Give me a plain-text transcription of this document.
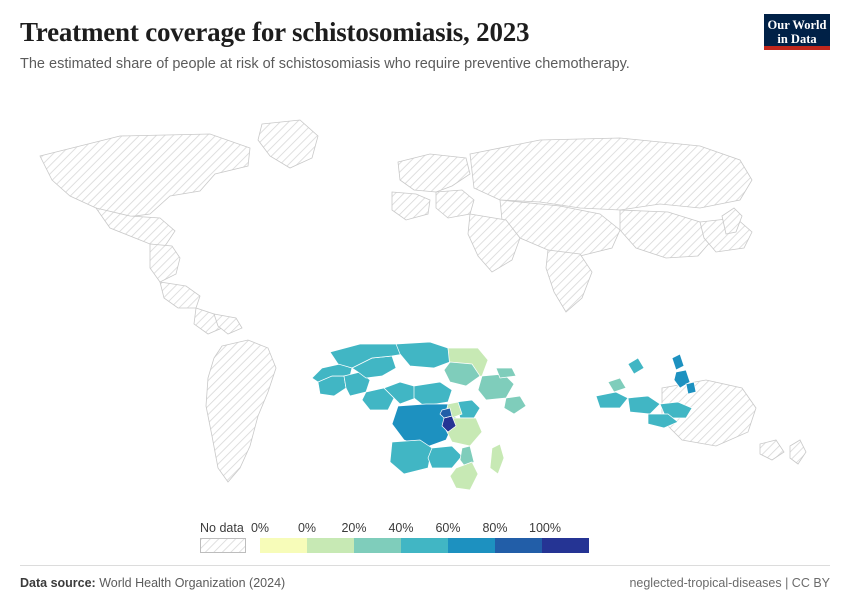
Treatment coverage for schistosomiasis, 2023

The estimated share of people at risk of schistosomiasis who require preventive chemotherapy.

Our World
in Data
No data 0% 0% 20% 40% 60% 80% 100%
Data source: World Health Organization (2024)	neglected-tropical-diseases | CC BY
